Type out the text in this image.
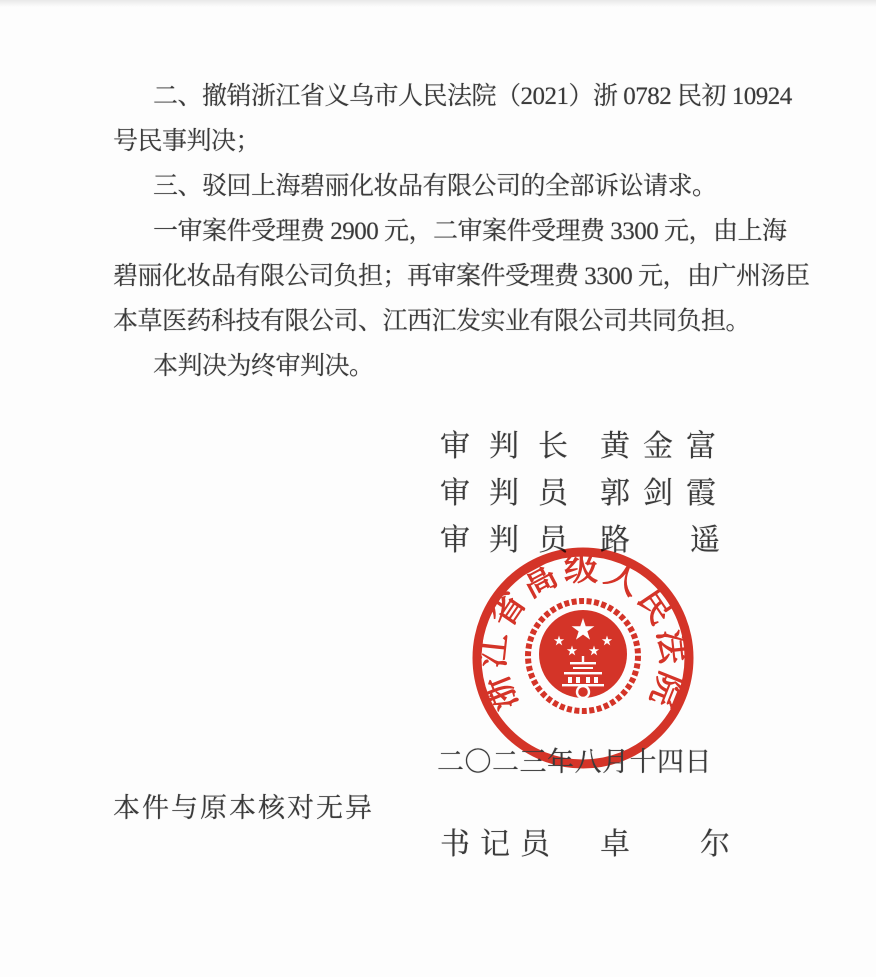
二、撤销浙江省义乌市人民法院（2021）浙 0782 民初 10924
号民事判决；
三、驳回上海碧丽化妆品有限公司的全部诉讼请求。
一审案件受理费 2900 元，二审案件受理费 3300 元，由上海
碧丽化妆品有限公司负担；再审案件受理费 3300 元，由广州汤臣
本草医药科技有限公司、江西汇发实业有限公司共同负担。
本判决为终审判决。
审判长 黄金富
审判员 郭剑霞
审判员 路遥
浙江省高级人民法院
二〇二三年八月十四日
本件与原本核对无异
书记员 卓尔
